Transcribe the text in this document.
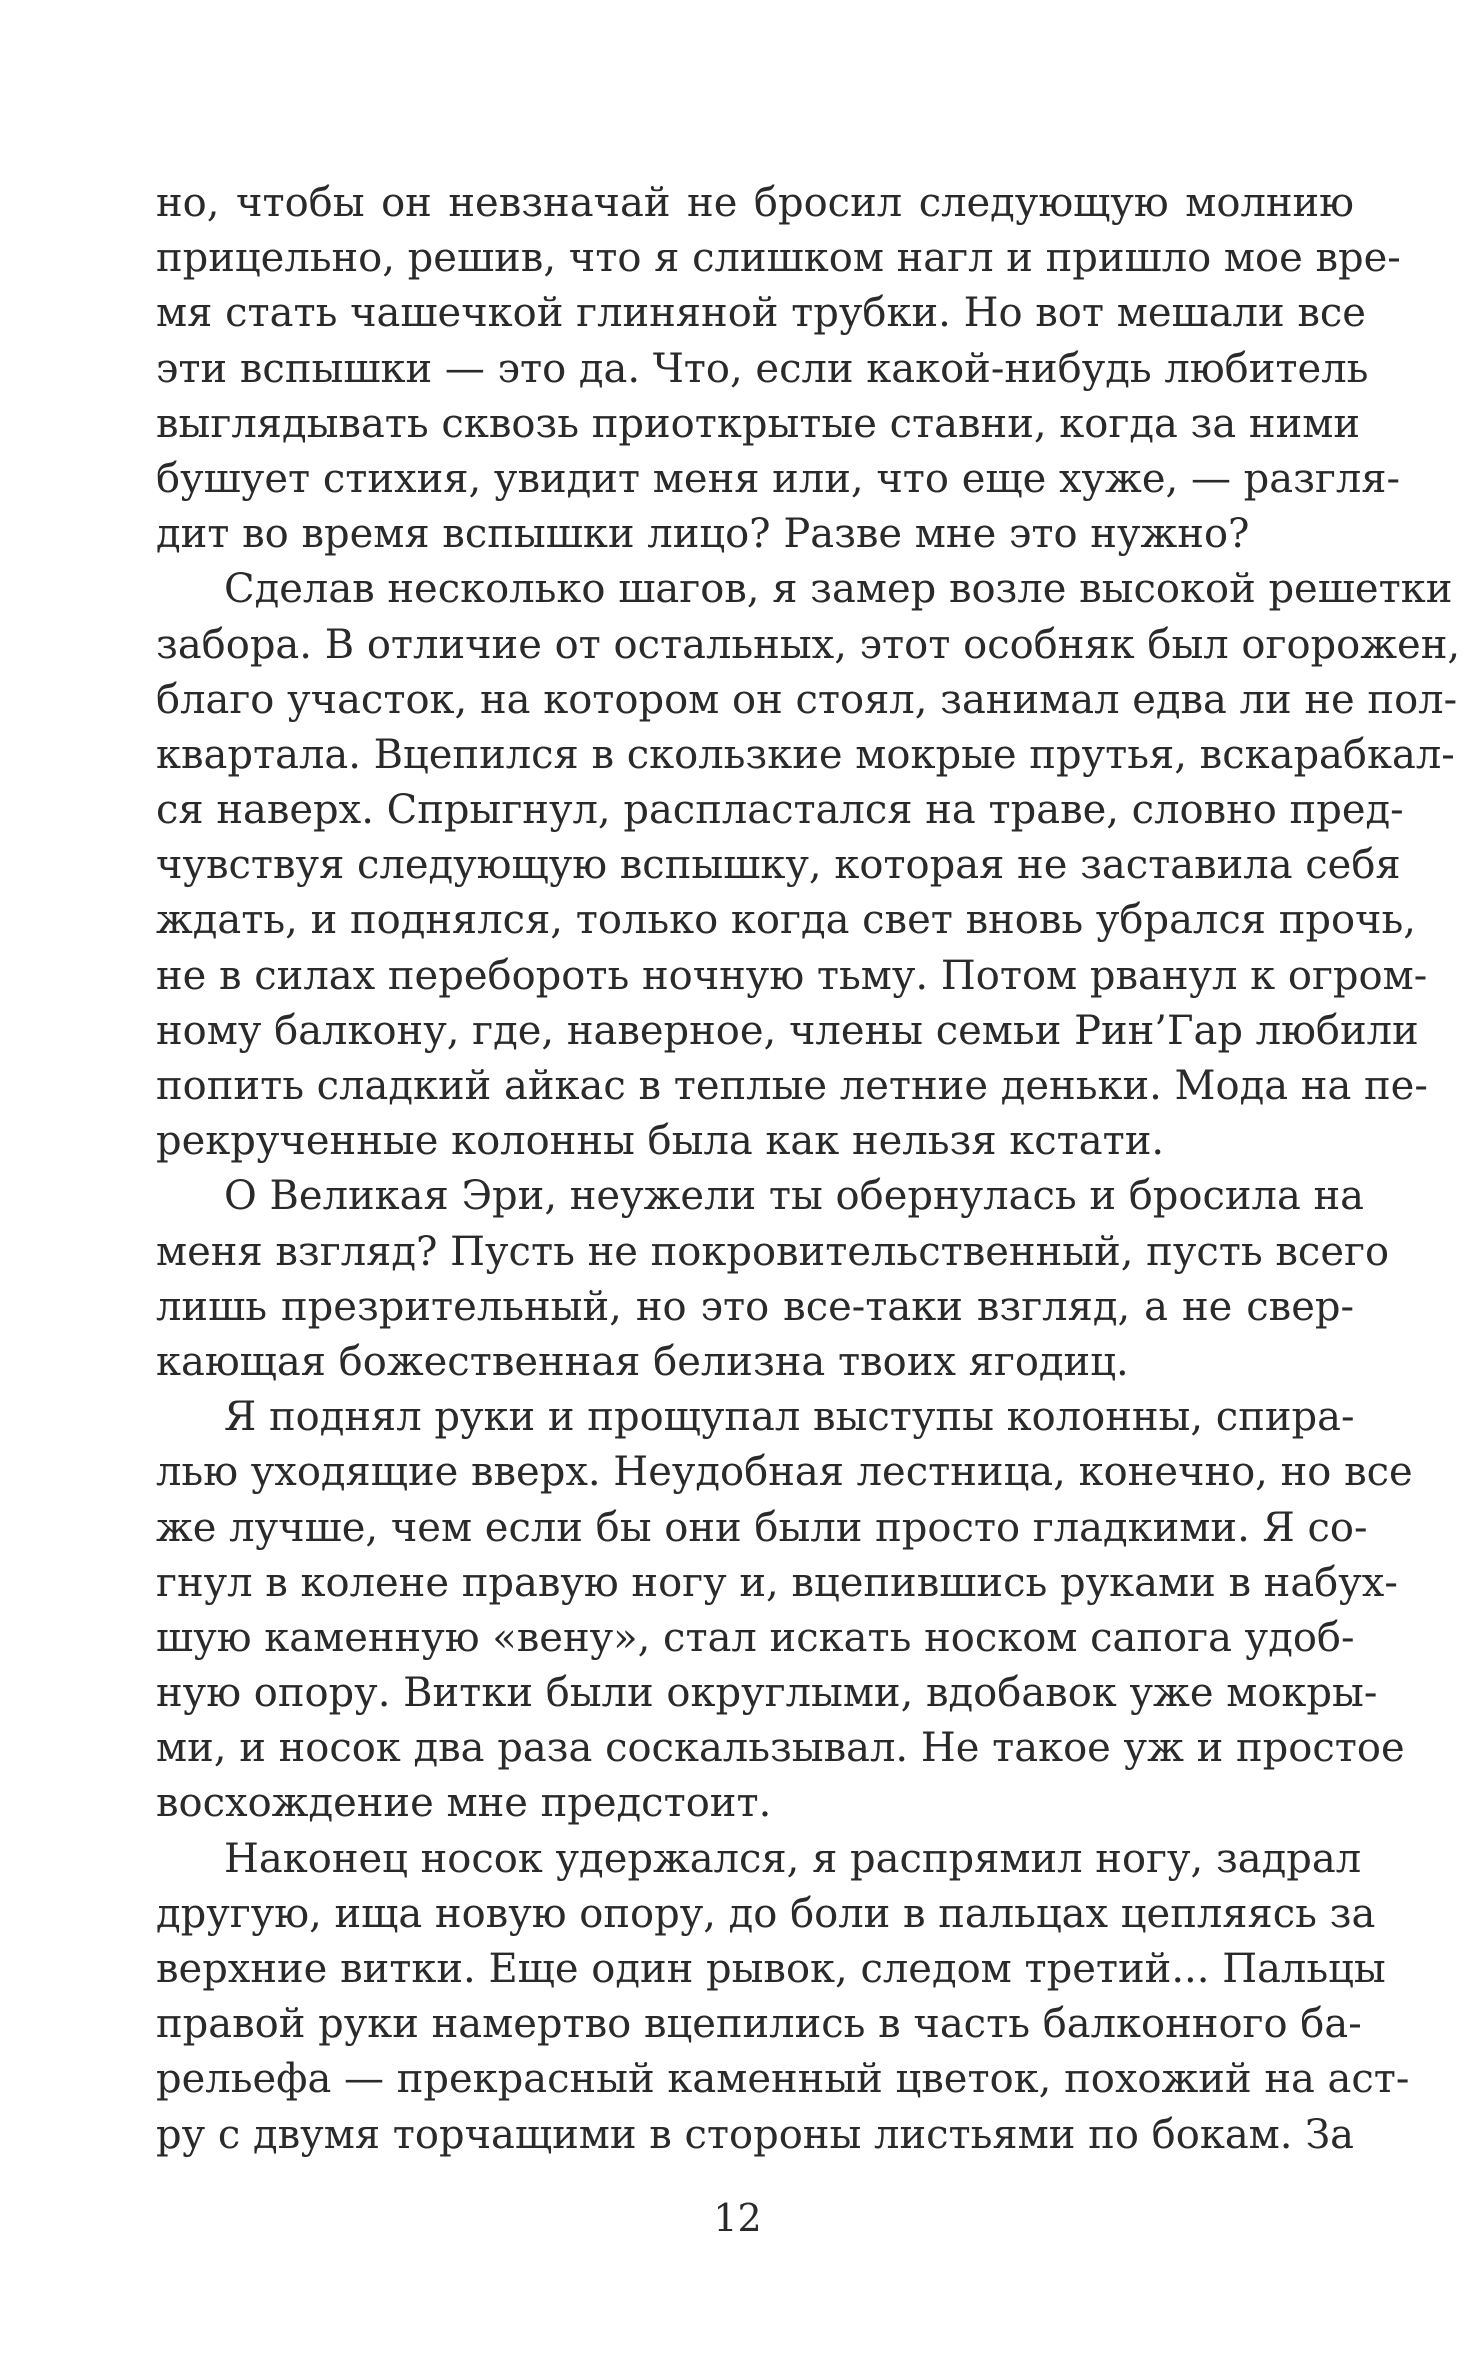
но, чтобы он невзначай не бросил следующую молнию
прицельно, решив, что я слишком нагл и пришло мое вре-
мя стать чашечкой глиняной трубки. Но вот мешали все
эти вспышки — это да. Что, если какой-нибудь любитель
выглядывать сквозь приоткрытые ставни, когда за ними
бушует стихия, увидит меня или, что еще хуже, — разгля-
дит во время вспышки лицо? Разве мне это нужно?
Сделав несколько шагов, я замер возле высокой решетки
забора. В отличие от остальных, этот особняк был огорожен,
благо участок, на котором он стоял, занимал едва ли не пол-
квартала. Вцепился в скользкие мокрые прутья, вскарабкал-
ся наверх. Спрыгнул, распластался на траве, словно пред-
чувствуя следующую вспышку, которая не заставила себя
ждать, и поднялся, только когда свет вновь убрался прочь,
не в силах перебороть ночную тьму. Потом рванул к огром-
ному балкону, где, наверное, члены семьи Рин’Гар любили
попить сладкий айкас в теплые летние деньки. Мода на пе-
рекрученные колонны была как нельзя кстати.
О Великая Эри, неужели ты обернулась и бросила на
меня взгляд? Пусть не покровительственный, пусть всего
лишь презрительный, но это все-таки взгляд, а не свер-
кающая божественная белизна твоих ягодиц.
Я поднял руки и прощупал выступы колонны, спира-
лью уходящие вверх. Неудобная лестница, конечно, но все
же лучше, чем если бы они были просто гладкими. Я со-
гнул в колене правую ногу и, вцепившись руками в набух-
шую каменную «вену», стал искать носком сапога удоб-
ную опору. Витки были округлыми, вдобавок уже мокры-
ми, и носок два раза соскальзывал. Не такое уж и простое
восхождение мне предстоит.
Наконец носок удержался, я распрямил ногу, задрал
другую, ища новую опору, до боли в пальцах цепляясь за
верхние витки. Еще один рывок, следом третий... Пальцы
правой руки намертво вцепились в часть балконного ба-
рельефа — прекрасный каменный цветок, похожий на аст-
ру с двумя торчащими в стороны листьями по бокам. За
12
